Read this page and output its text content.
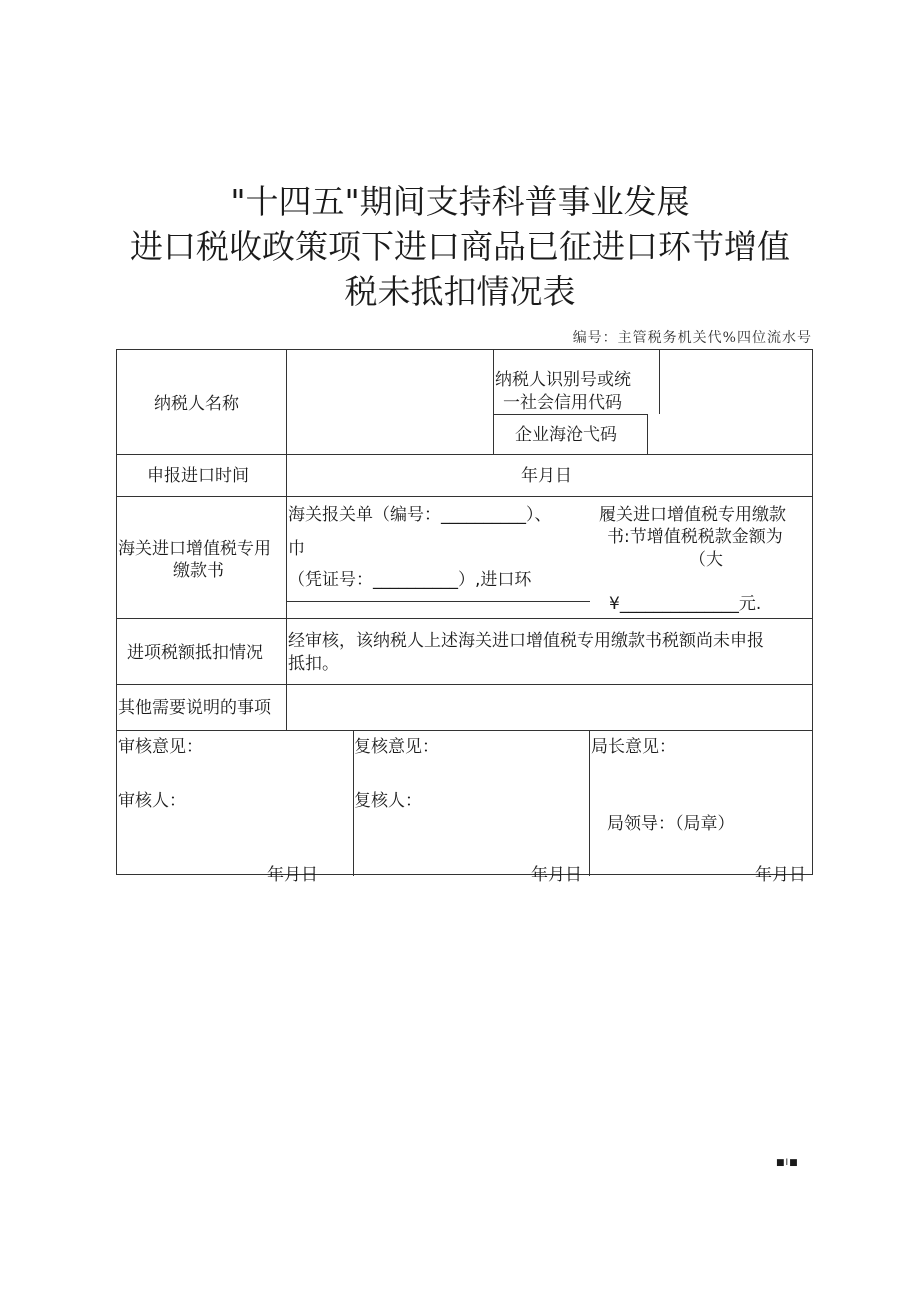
"十四五"期间支持科普事业发展
进口税收政策项下进口商品已征进口环节增值
税未抵扣情况表
编号：主管税务机关代%四位流水号
纳税人名称
纳税人识别号或统
一社会信用代码
企业海沧弋码
申报进口时间	年月日
海关进口增值税专用
缴款书
海关报关单（编号：__________）、
巾
（凭证号：__________）,进口环
履关进口增值税专用缴款
书:节增值税税款金额为
（大
¥______________元.
进项税额抵扣情况
经审核，该纳税人上述海关进口增值税专用缴款书税额尚未申报
抵扣。
其他需要说明的事项
审核意见：
审核人：
年月日
复核意见：
复核人：
年月日
局长意见：
局领导：（局章）
年月日
■I■
